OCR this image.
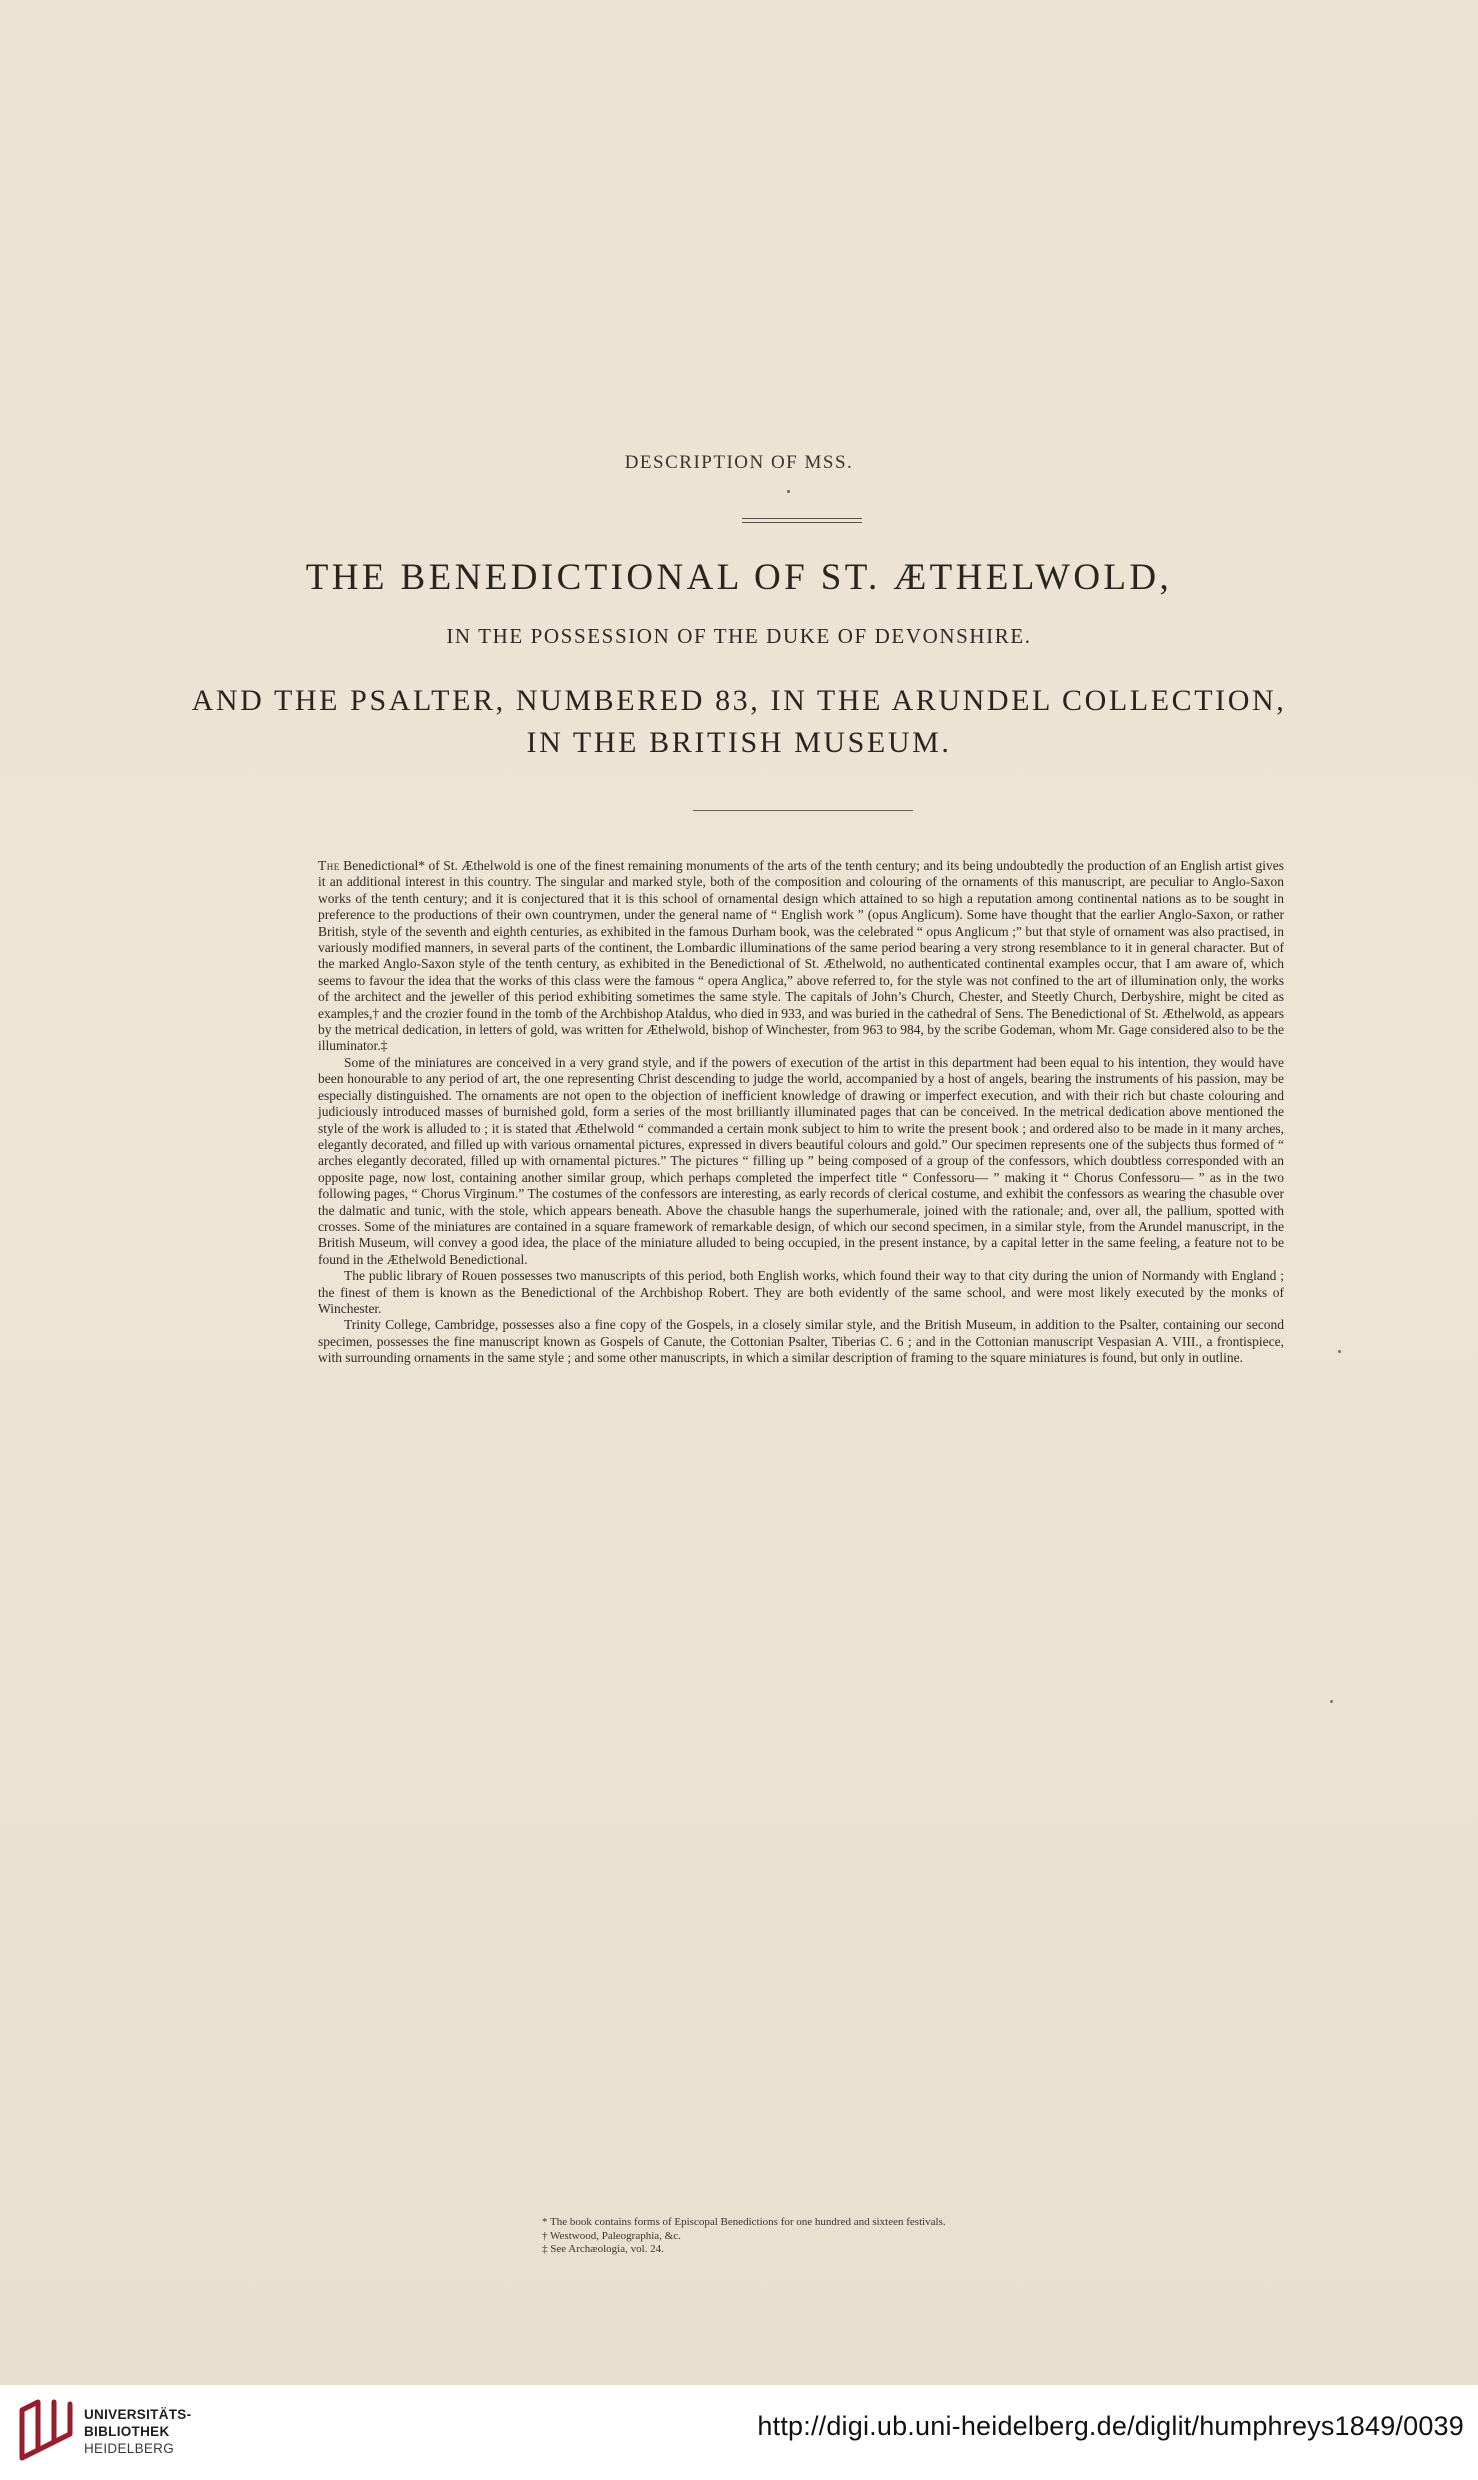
DESCRIPTION OF MSS.
THE BENEDICTIONAL OF ST. ÆTHELWOLD,
IN THE POSSESSION OF THE DUKE OF DEVONSHIRE.
AND THE PSALTER, NUMBERED 83, IN THE ARUNDEL COLLECTION,
IN THE BRITISH MUSEUM.

The Benedictional* of St. Æthelwold is one of the finest remaining monuments of the arts of the tenth century; and its being undoubtedly the production of an English artist gives it an additional interest in this country. The singular and marked style, both of the composition and colouring of the ornaments of this manuscript, are peculiar to Anglo-Saxon works of the tenth century; and it is conjectured that it is this school of ornamental design which attained to so high a reputation among continental nations as to be sought in preference to the productions of their own countrymen, under the general name of “ English work ” (opus Anglicum). Some have thought that the earlier Anglo-Saxon, or rather British, style of the seventh and eighth centuries, as exhibited in the famous Durham book, was the celebrated “ opus Anglicum ;” but that style of ornament was also practised, in variously modified manners, in several parts of the continent, the Lombardic illuminations of the same period bearing a very strong resemblance to it in general character. But of the marked Anglo-Saxon style of the tenth century, as exhibited in the Benedictional of St. Æthelwold, no authenticated continental examples occur, that I am aware of, which seems to favour the idea that the works of this class were the famous “ opera Anglica,” above referred to, for the style was not confined to the art of illumination only, the works of the architect and the jeweller of this period exhibiting sometimes the same style. The capitals of John’s Church, Chester, and Steetly Church, Derbyshire, might be cited as examples,† and the crozier found in the tomb of the Archbishop Ataldus, who died in 933, and was buried in the cathedral of Sens. The Benedictional of St. Æthelwold, as appears by the metrical dedication, in letters of gold, was written for Æthelwold, bishop of Winchester, from 963 to 984, by the scribe Godeman, whom Mr. Gage considered also to be the illuminator.‡

Some of the miniatures are conceived in a very grand style, and if the powers of execution of the artist in this department had been equal to his intention, they would have been honourable to any period of art, the one representing Christ descending to judge the world, accompanied by a host of angels, bearing the instruments of his passion, may be especially distinguished. The ornaments are not open to the objection of inefficient knowledge of drawing or imperfect execution, and with their rich but chaste colouring and judiciously introduced masses of burnished gold, form a series of the most brilliantly illuminated pages that can be conceived. In the metrical dedication above mentioned the style of the work is alluded to ; it is stated that Æthelwold “ commanded a certain monk subject to him to write the present book ; and ordered also to be made in it many arches, elegantly decorated, and filled up with various ornamental pictures, expressed in divers beautiful colours and gold.” Our specimen represents one of the subjects thus formed of “ arches elegantly decorated, filled up with ornamental pictures.” The pictures “ filling up ” being composed of a group of the confessors, which doubtless corresponded with an opposite page, now lost, containing another similar group, which perhaps completed the imperfect title “ Confessoru— ” making it “ Chorus Confessoru— ” as in the two following pages, “ Chorus Virginum.” The costumes of the confessors are interesting, as early records of clerical costume, and exhibit the confessors as wearing the chasuble over the dalmatic and tunic, with the stole, which appears beneath. Above the chasuble hangs the superhumerale, joined with the rationale; and, over all, the pallium, spotted with crosses. Some of the miniatures are contained in a square framework of remarkable design, of which our second specimen, in a similar style, from the Arundel manuscript, in the British Museum, will convey a good idea, the place of the miniature alluded to being occupied, in the present instance, by a capital letter in the same feeling, a feature not to be found in the Æthelwold Benedictional.

The public library of Rouen possesses two manuscripts of this period, both English works, which found their way to that city during the union of Normandy with England ; the finest of them is known as the Benedictional of the Archbishop Robert. They are both evidently of the same school, and were most likely executed by the monks of Winchester.

Trinity College, Cambridge, possesses also a fine copy of the Gospels, in a closely similar style, and the British Museum, in addition to the Psalter, containing our second specimen, possesses the fine manuscript known as Gospels of Canute, the Cottonian Psalter, Tiberias C. 6 ; and in the Cottonian manuscript Vespasian A. VIII., a frontispiece, with surrounding ornaments in the same style ; and some other manuscripts, in which a similar description of framing to the square miniatures is found, but only in outline.

* The book contains forms of Episcopal Benedictions for one hundred and sixteen festivals.
† Westwood, Paleographia, &c.
‡ See Archæologia, vol. 24.
UNIVERSITÄTS-
BIBLIOTHEK
HEIDELBERG
http://digi.ub.uni-heidelberg.de/diglit/humphreys1849/0039
